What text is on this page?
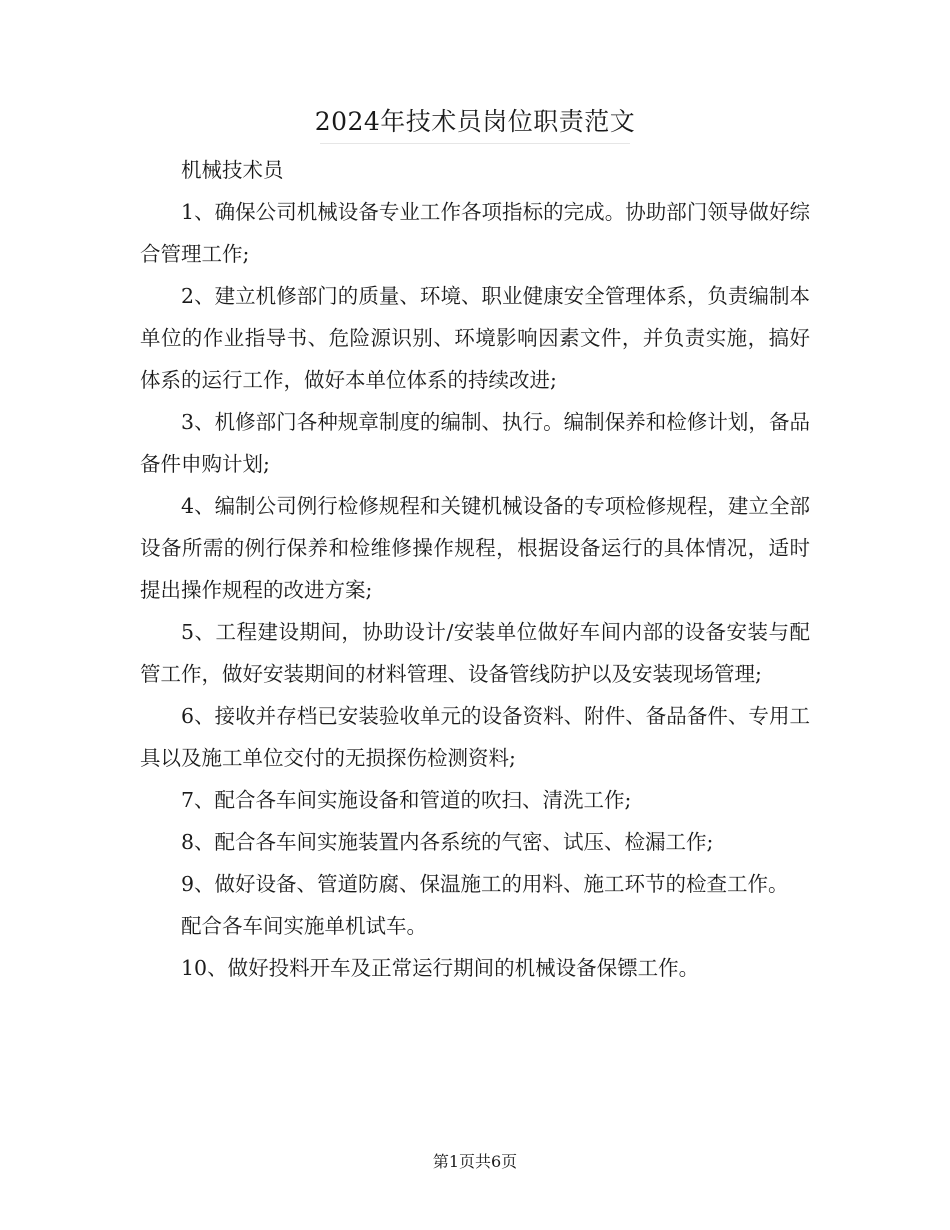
2024年技术员岗位职责范文

机械技术员

1、确保公司机械设备专业工作各项指标的完成。协助部门领导做好综合管理工作;

2、建立机修部门的质量、环境、职业健康安全管理体系，负责编制本单位的作业指导书、危险源识别、环境影响因素文件，并负责实施，搞好体系的运行工作，做好本单位体系的持续改进;

3、机修部门各种规章制度的编制、执行。编制保养和检修计划，备品备件申购计划;

4、编制公司例行检修规程和关键机械设备的专项检修规程，建立全部设备所需的例行保养和检维修操作规程，根据设备运行的具体情况，适时提出操作规程的改进方案;

5、工程建设期间，协助设计/安装单位做好车间内部的设备安装与配管工作，做好安装期间的材料管理、设备管线防护以及安装现场管理;

6、接收并存档已安装验收单元的设备资料、附件、备品备件、专用工具以及施工单位交付的无损探伤检测资料;

7、配合各车间实施设备和管道的吹扫、清洗工作;

8、配合各车间实施装置内各系统的气密、试压、检漏工作;

9、做好设备、管道防腐、保温施工的用料、施工环节的检查工作。

配合各车间实施单机试车。

10、做好投料开车及正常运行期间的机械设备保镖工作。

第1页共6页
